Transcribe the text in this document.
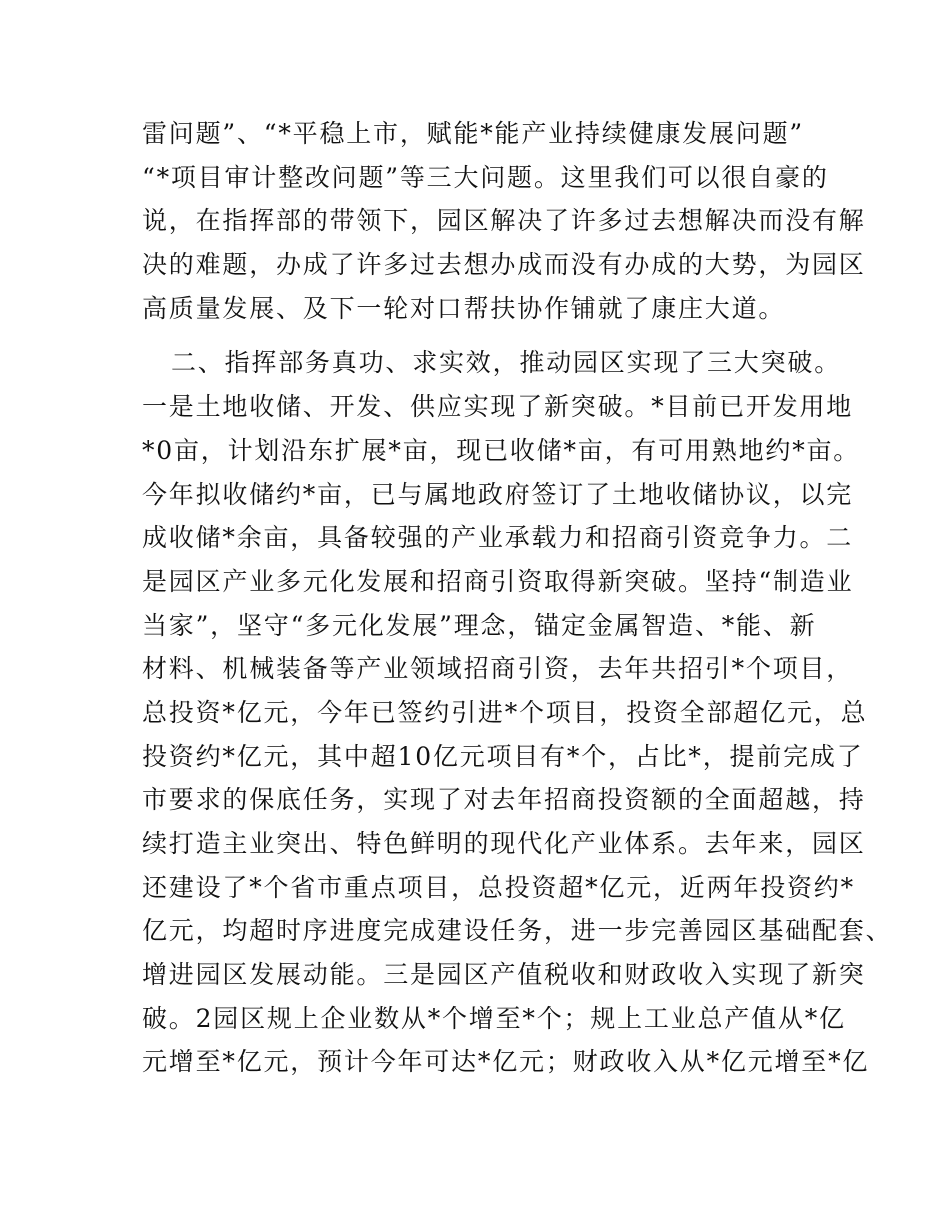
雷问题”、“*平稳上市，赋能*能产业持续健康发展问题”
“*项目审计整改问题”等三大问题。这里我们可以很自豪的
说，在指挥部的带领下，园区解决了许多过去想解决而没有解
决的难题，办成了许多过去想办成而没有办成的大势，为园区
高质量发展、及下一轮对口帮扶协作铺就了康庄大道。
二、指挥部务真功、求实效，推动园区实现了三大突破。
一是土地收储、开发、供应实现了新突破。*目前已开发用地
*0亩，计划沿东扩展*亩，现已收储*亩，有可用熟地约*亩。
今年拟收储约*亩，已与属地政府签订了土地收储协议，以完
成收储*余亩，具备较强的产业承载力和招商引资竞争力。二
是园区产业多元化发展和招商引资取得新突破。坚持“制造业
当家”，坚守“多元化发展”理念，锚定金属智造、*能、新
材料、机械装备等产业领域招商引资，去年共招引*个项目，
总投资*亿元，今年已签约引进*个项目，投资全部超亿元，总
投资约*亿元，其中超10亿元项目有*个，占比*，提前完成了
市要求的保底任务，实现了对去年招商投资额的全面超越，持
续打造主业突出、特色鲜明的现代化产业体系。去年来，园区
还建设了*个省市重点项目，总投资超*亿元，近两年投资约*
亿元，均超时序进度完成建设任务，进一步完善园区基础配套、
增进园区发展动能。三是园区产值税收和财政收入实现了新突
破。2园区规上企业数从*个增至*个；规上工业总产值从*亿
元增至*亿元，预计今年可达*亿元；财政收入从*亿元增至*亿
